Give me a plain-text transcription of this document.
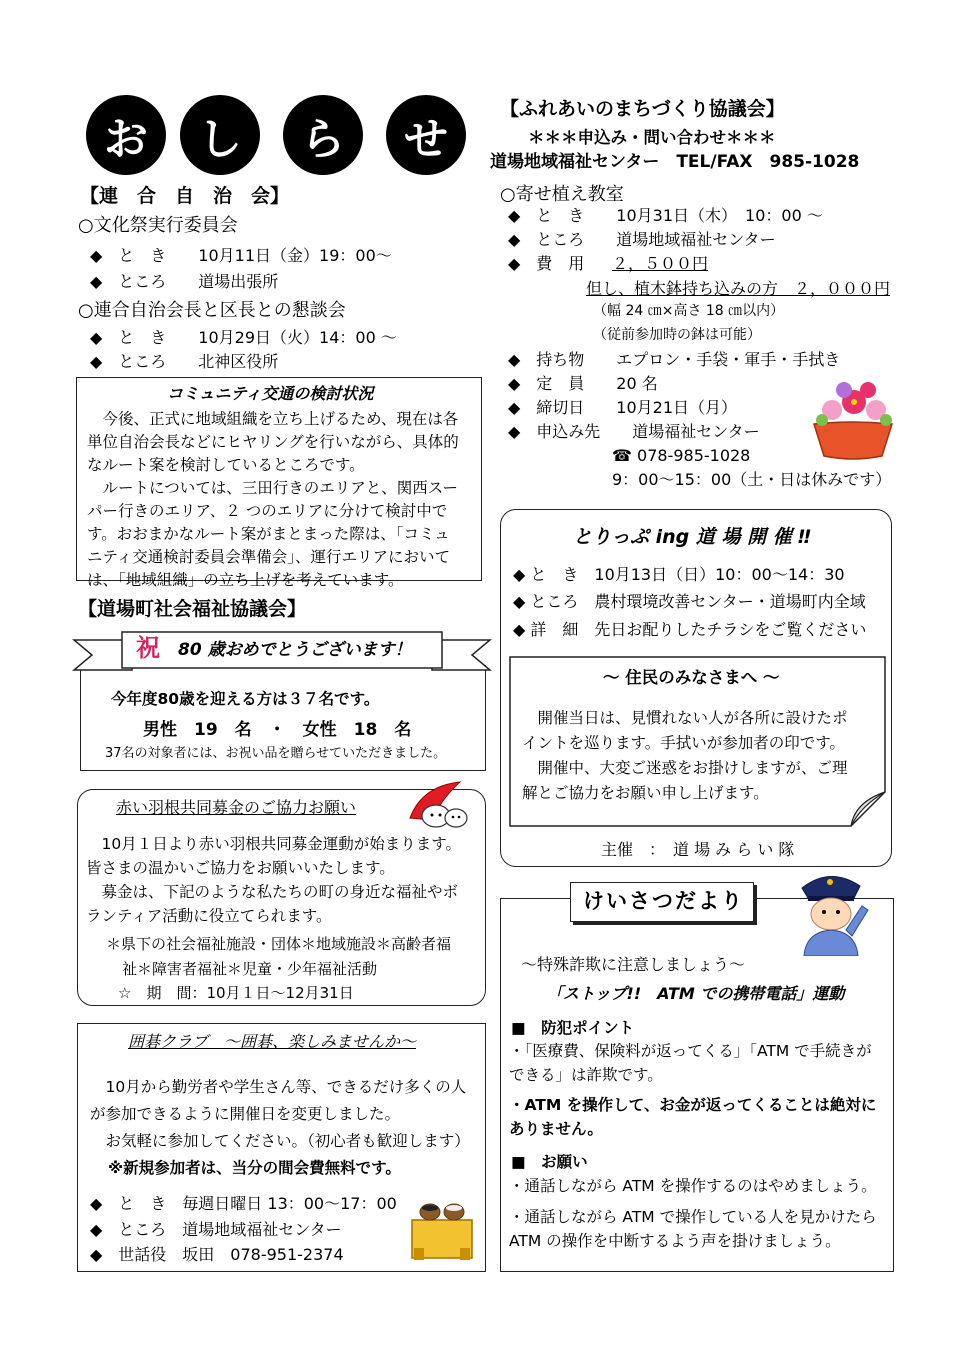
お し ら せ
【連　合　自　治　会】
○文化祭実行委員会
◆　と　き　　10月11日（金）19：00〜
◆　ところ　　道場出張所
○連合自治会長と区長との懇談会
◆　と　き　　10月29日（火）14：00 〜
◆　ところ　　北神区役所
コミュニティ交通の検討状況
　今後、正式に地域組織を立ち上げるため、現在は各
単位自治会長などにヒヤリングを行いながら、具体的
なルート案を検討しているところです。
　ルートについては、三田行きのエリアと、関西スー
パー行きのエリア、２ つのエリアに分けて検討中で
す。おおまかなルート案がまとまった際は、「コミュ
ニティ交通検討委員会準備会」、運行エリアにおいて
は、「地域組織」の立ち上げを考えています。
【道場町社会福祉協議会】
今年度80歳を迎える方は３７名です。
男性　19　名　・　女性　18　名
37名の対象者には、お祝い品を贈らせていただきました。
祝 80 歳おめでとうございます！
赤い羽根共同募金のご協力お願い
　10月１日より赤い羽根共同募金運動が始まります。
皆さまの温かいご協力をお願いいたします。
　募金は、下記のような私たちの町の身近な福祉やボ
ランティア活動に役立てられます。
＊県下の社会福祉施設・団体＊地域施設＊高齢者福
祉＊障害者福祉＊児童・少年福祉活動
☆　期　間：10月１日〜12月31日
囲碁クラブ　〜囲碁、楽しみませんか〜
　10月から勤労者や学生さん等、できるだけ多くの人
が参加できるように開催日を変更しました。
　お気軽に参加してください。（初心者も歓迎します）
※新規参加者は、当分の間会費無料です。
◆　と　き　毎週日曜日 13：00〜17：00
◆　ところ　道場地域福祉センター
◆　世話役　坂田　078-951-2374
【ふれあいのまちづくり協議会】
＊＊＊申込み・問い合わせ＊＊＊
道場地域福祉センター　TEL/FAX　985-1028
○寄せ植え教室
◆　と　き　　10月31日（木）　10：00 〜
◆　ところ　　道場地域福祉センター
◆　費　用 ２，５００円
但し、植木鉢持ち込みの方　２，０００円
（幅 24 ㎝×高さ 18 ㎝以内）
（従前参加時の鉢は可能）
◆　持ち物　　エプロン・手袋・軍手・手拭き
◆　定　員　　20 名
◆　締切日　　10月21日（月）
◆　申込み先　　道場福祉センター
☎ 078-985-1028
9：00〜15：00（土・日は休みです）
とりっぷ ing 道 場 開 催 ‼
◆ と　き　10月13日（日）10：00〜14：30
◆ ところ　農村環境改善センター・道場町内全域
◆ 詳　細　先日お配りしたチラシをご覧ください
主催　：　道 場 み ら い 隊
〜 住民のみなさまへ 〜
　開催当日は、見慣れない人が各所に設けたポ
イントを巡ります。手拭いが参加者の印です。
　開催中、大変ご迷惑をお掛けしますが、ご理
解とご協力をお願い申し上げます。
〜特殊詐欺に注意しましょう〜
「ストップ!!　ATM での携帯電話」運動
■　防犯ポイント
・「医療費、保険料が返ってくる」「ATM で手続きが
できる」は詐欺です。
・ATM を操作して、お金が返ってくることは絶対に
ありません。
■　お願い
・通話しながら ATM を操作するのはやめましょう。
・通話しながら ATM で操作している人を見かけたら
ATM の操作を中断するよう声を掛けましょう。
けいさつだより
